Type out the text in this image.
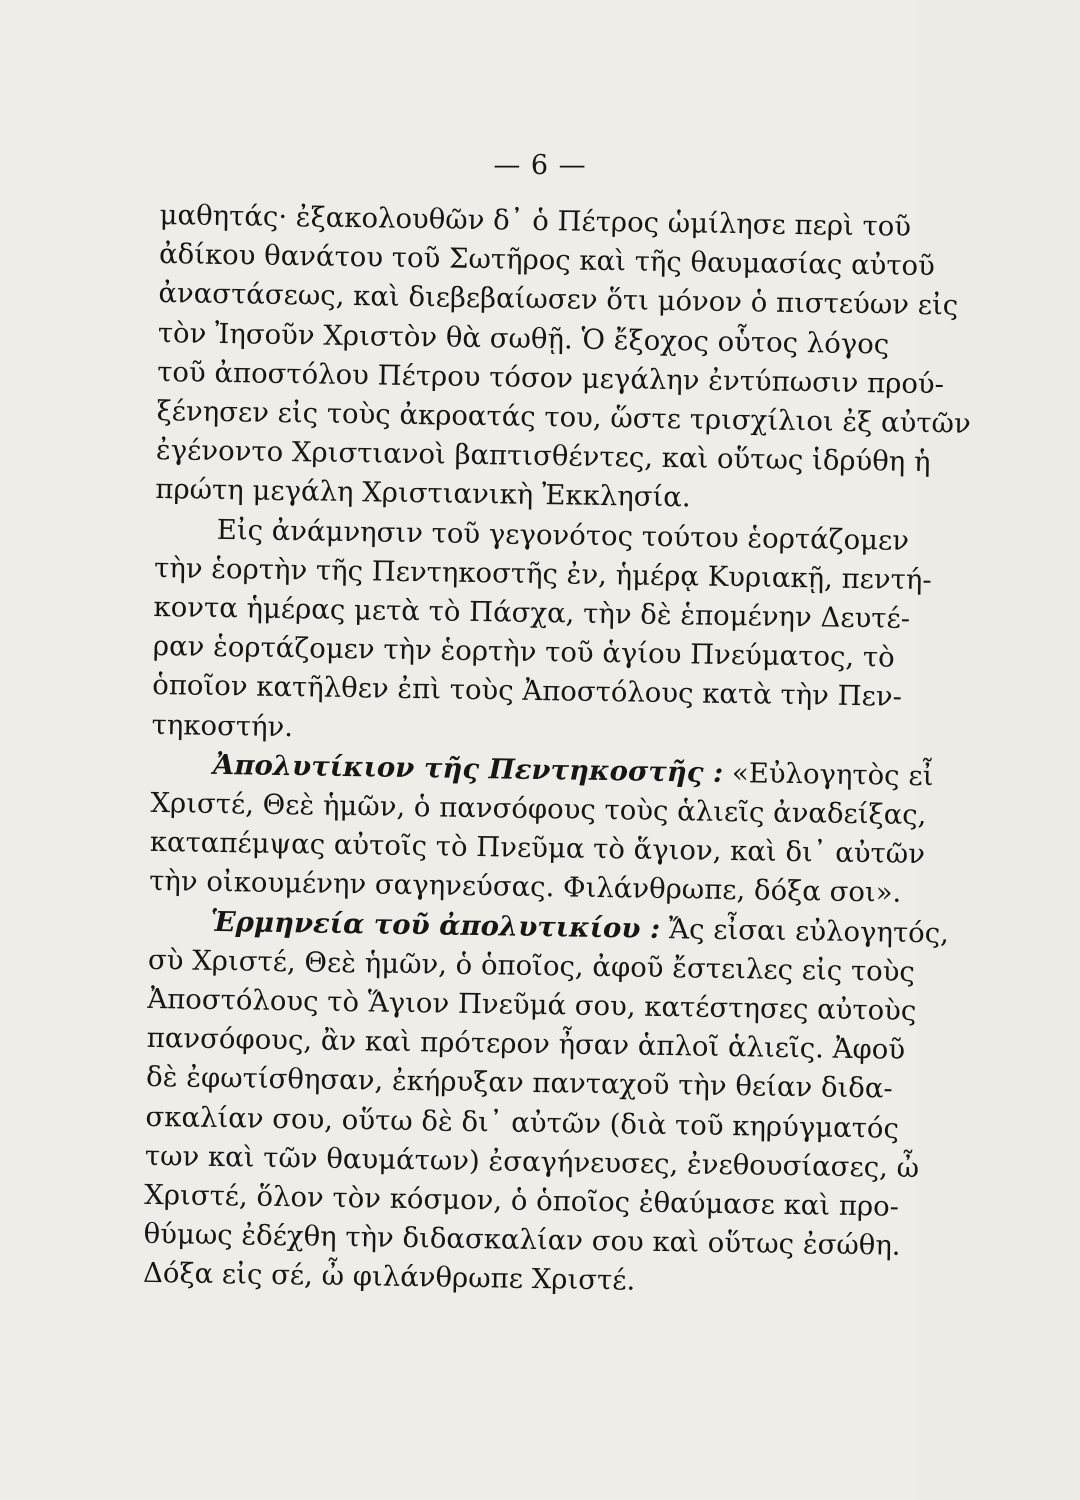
— 6 —
μαθητάς· ἐξακολουθῶν δ᾿ ὁ Πέτρος ὡμίλησε περὶ τοῦ
ἀδίκου θανάτου τοῦ Σωτῆρος καὶ τῆς θαυμασίας αὐτοῦ
ἀναστάσεως, καὶ διεβεβαίωσεν ὅτι μόνον ὁ πιστεύων εἰς
τὸν Ἰησοῦν Χριστὸν θὰ σωθῇ. Ὁ ἔξοχος οὗτος λόγος
τοῦ ἀποστόλου Πέτρου τόσον μεγάλην ἐντύπωσιν πρού-
ξένησεν εἰς τοὺς ἀκροατάς του, ὥστε τρισχίλιοι ἐξ αὐτῶν
ἐγένοντο Χριστιανοὶ βαπτισθέντες, καὶ οὕτως ἱδρύθη ἡ
πρώτη μεγάλη Χριστιανικὴ Ἐκκλησία.
Εἰς ἀνάμνησιν τοῦ γεγονότος τούτου ἑορτάζομεν
τὴν ἑορτὴν τῆς Πεντηκοστῆς ἐν, ἡμέρᾳ Κυριακῇ, πεντή-
κοντα ἡμέρας μετὰ τὸ Πάσχα, τὴν δὲ ἑπομένην Δευτέ-
ραν ἑορτάζομεν τὴν ἑορτὴν τοῦ ἁγίου Πνεύματος, τὸ
ὁποῖον κατῆλθεν ἐπὶ τοὺς Ἀποστόλους κατὰ τὴν Πεν-
τηκοστήν.
Ἀπολυτίκιον τῆς Πεντηκοστῆς : «Εὐλογητὸς εἶ
Χριστέ, Θεὲ ἡμῶν, ὁ πανσόφους τοὺς ἁλιεῖς ἀναδείξας,
καταπέμψας αὐτοῖς τὸ Πνεῦμα τὸ ἅγιον, καὶ δι᾿ αὐτῶν
τὴν οἰκουμένην σαγηνεύσας. Φιλάνθρωπε, δόξα σοι».
Ἑρμηνεία τοῦ ἀπολυτικίου : Ἄς εἶσαι εὐλογητός,
σὺ Χριστέ, Θεὲ ἡμῶν, ὁ ὁποῖος, ἀφοῦ ἔστειλες εἰς τοὺς
Ἀποστόλους τὸ Ἅγιον Πνεῦμά σου, κατέστησες αὐτοὺς
πανσόφους, ἂν καὶ πρότερον ἦσαν ἁπλοῖ ἁλιεῖς. Ἀφοῦ
δὲ ἐφωτίσθησαν, ἐκήρυξαν πανταχοῦ τὴν θείαν διδα-
σκαλίαν σου, οὕτω δὲ δι᾿ αὐτῶν (διὰ τοῦ κηρύγματός
των καὶ τῶν θαυμάτων) ἐσαγήνευσες, ἐνεθουσίασες, ὦ
Χριστέ, ὅλον τὸν κόσμον, ὁ ὁποῖος ἐθαύμασε καὶ προ-
θύμως ἐδέχθη τὴν διδασκαλίαν σου καὶ οὕτως ἐσώθη.
Δόξα εἰς σέ, ὦ φιλάνθρωπε Χριστέ.
